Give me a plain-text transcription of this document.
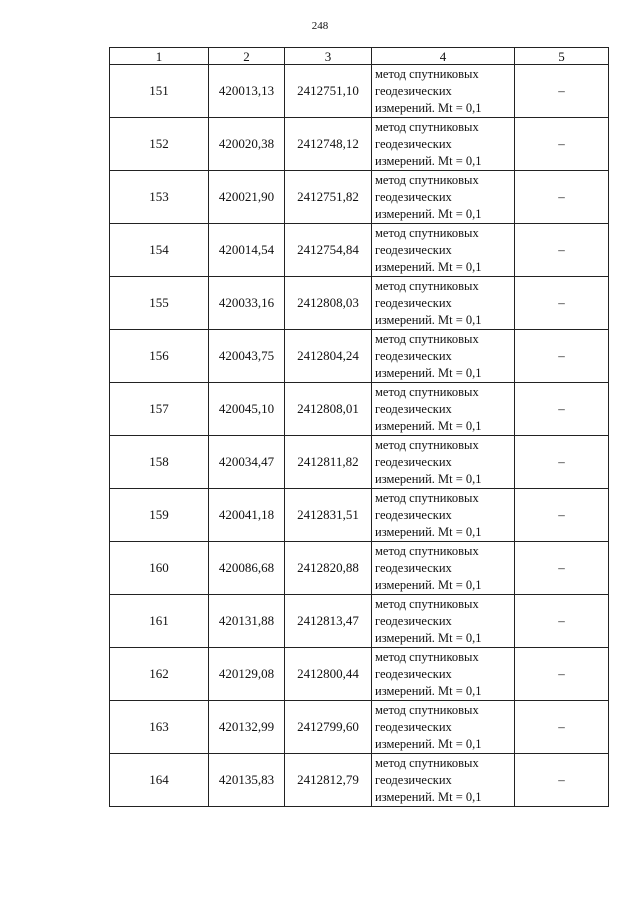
248
1	2	3	4	5
151	420013,13	2412751,10	метод спутниковых
геодезических
измерений. Mt = 0,1	–
152	420020,38	2412748,12	метод спутниковых
геодезических
измерений. Mt = 0,1	–
153	420021,90	2412751,82	метод спутниковых
геодезических
измерений. Mt = 0,1	–
154	420014,54	2412754,84	метод спутниковых
геодезических
измерений. Mt = 0,1	–
155	420033,16	2412808,03	метод спутниковых
геодезических
измерений. Mt = 0,1	–
156	420043,75	2412804,24	метод спутниковых
геодезических
измерений. Mt = 0,1	–
157	420045,10	2412808,01	метод спутниковых
геодезических
измерений. Mt = 0,1	–
158	420034,47	2412811,82	метод спутниковых
геодезических
измерений. Mt = 0,1	–
159	420041,18	2412831,51	метод спутниковых
геодезических
измерений. Mt = 0,1	–
160	420086,68	2412820,88	метод спутниковых
геодезических
измерений. Mt = 0,1	–
161	420131,88	2412813,47	метод спутниковых
геодезических
измерений. Mt = 0,1	–
162	420129,08	2412800,44	метод спутниковых
геодезических
измерений. Mt = 0,1	–
163	420132,99	2412799,60	метод спутниковых
геодезических
измерений. Mt = 0,1	–
164	420135,83	2412812,79	метод спутниковых
геодезических
измерений. Mt = 0,1	–
